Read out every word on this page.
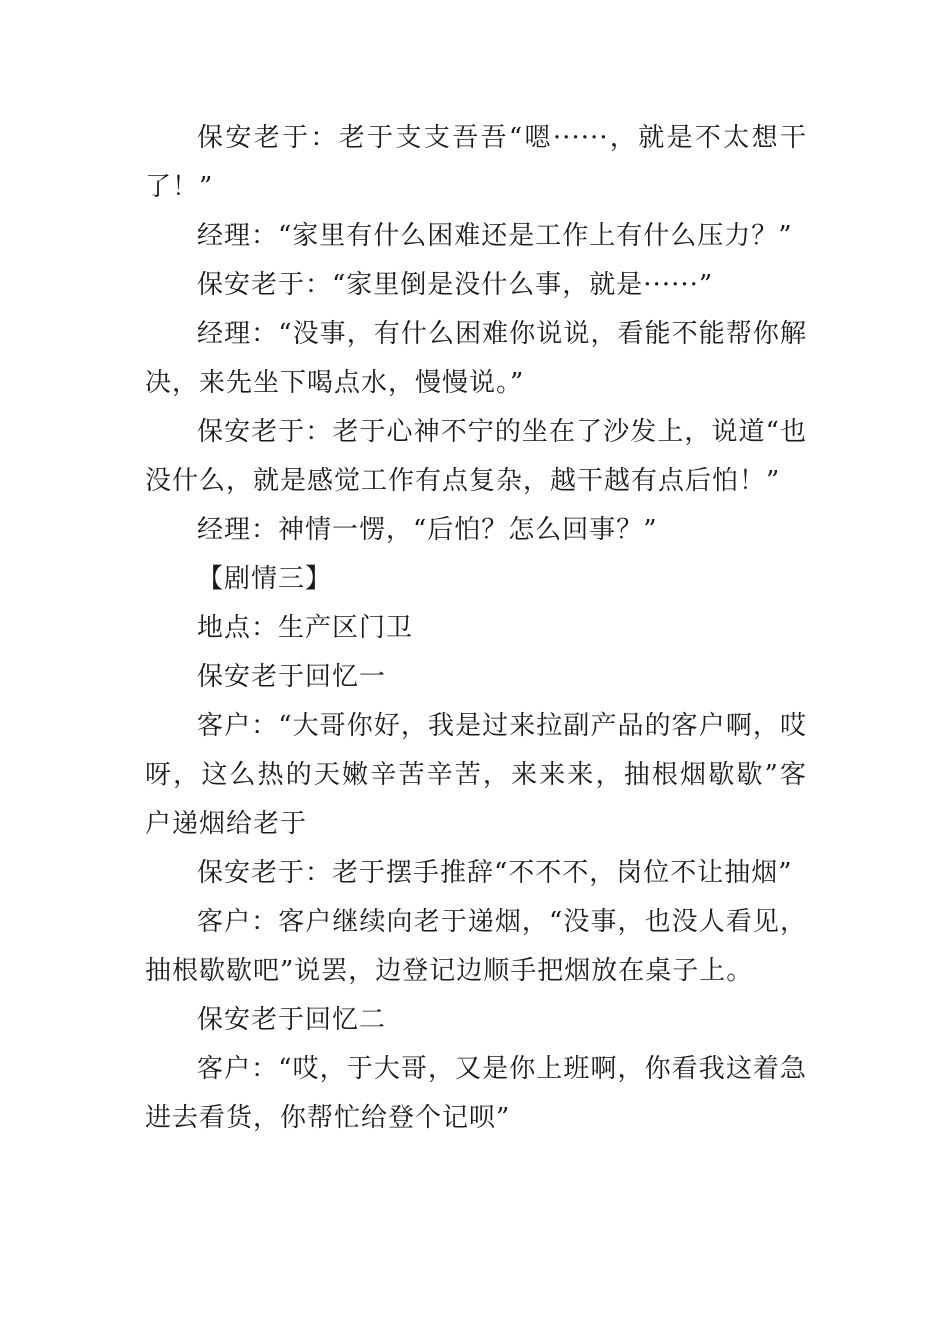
保安老于：老于支支吾吾“嗯······，就是不太想干了！”

经理：“家里有什么困难还是工作上有什么压力？”

保安老于：“家里倒是没什么事，就是······”

经理：“没事，有什么困难你说说，看能不能帮你解决，来先坐下喝点水，慢慢说。”

保安老于：老于心神不宁的坐在了沙发上，说道“也没什么，就是感觉工作有点复杂，越干越有点后怕！”

经理：神情一愣，“后怕？怎么回事？”

【剧情三】

地点：生产区门卫

保安老于回忆一

客户：“大哥你好，我是过来拉副产品的客户啊，哎呀，这么热的天嫩辛苦辛苦，来来来，抽根烟歇歇”客户递烟给老于

保安老于：老于摆手推辞“不不不，岗位不让抽烟”

客户：客户继续向老于递烟，“没事，也没人看见，抽根歇歇吧”说罢，边登记边顺手把烟放在桌子上。

保安老于回忆二

客户：“哎，于大哥，又是你上班啊，你看我这着急进去看货，你帮忙给登个记呗”
